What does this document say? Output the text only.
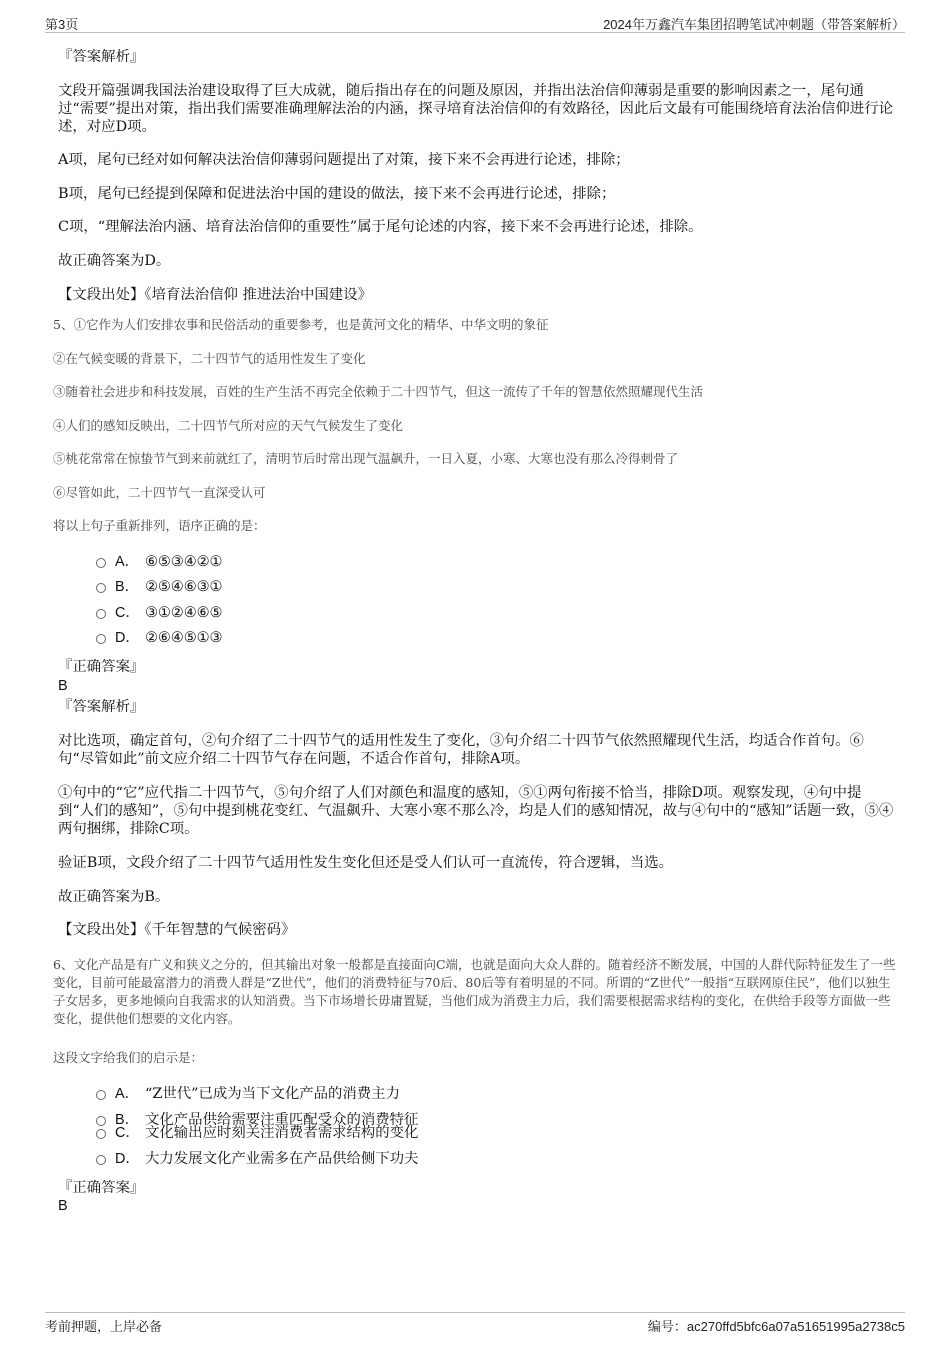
第3页	2024年万鑫汽车集团招聘笔试冲刺题（带答案解析）
『答案解析』
文段开篇强调我国法治建设取得了巨大成就，随后指出存在的问题及原因，并指出法治信仰薄弱是重要的影响因素之一，尾句通过“需要”提出对策，指出我们需要准确理解法治的内涵，探寻培育法治信仰的有效路径，因此后文最有可能围绕培育法治信仰进行论述，对应D项。
A项，尾句已经对如何解决法治信仰薄弱问题提出了对策，接下来不会再进行论述，排除；
B项，尾句已经提到保障和促进法治中国的建设的做法，接下来不会再进行论述，排除；
C项，“理解法治内涵、培育法治信仰的重要性”属于尾句论述的内容，接下来不会再进行论述，排除。
故正确答案为D。
【文段出处】《培育法治信仰 推进法治中国建设》
5、①它作为人们安排农事和民俗活动的重要参考，也是黄河文化的精华、中华文明的象征
②在气候变暖的背景下，二十四节气的适用性发生了变化
③随着社会进步和科技发展，百姓的生产生活不再完全依赖于二十四节气，但这一流传了千年的智慧依然照耀现代生活
④人们的感知反映出，二十四节气所对应的天气气候发生了变化
⑤桃花常常在惊蛰节气到来前就红了，清明节后时常出现气温飙升，一日入夏，小寒、大寒也没有那么冷得刺骨了
⑥尽管如此，二十四节气一直深受认可
将以上句子重新排列，语序正确的是：
A． ⑥⑤③④②①
B． ②⑤④⑥③①
C． ③①②④⑥⑤
D． ②⑥④⑤①③
『正确答案』
B
『答案解析』
对比选项，确定首句，②句介绍了二十四节气的适用性发生了变化，③句介绍二十四节气依然照耀现代生活，均适合作首句。⑥句“尽管如此”前文应介绍二十四节气存在问题，不适合作首句，排除A项。
①句中的“它”应代指二十四节气，⑤句介绍了人们对颜色和温度的感知，⑤①两句衔接不恰当，排除D项。观察发现，④句中提到“人们的感知”，⑤句中提到桃花变红、气温飙升、大寒小寒不那么冷，均是人们的感知情况，故与④句中的“感知”话题一致，⑤④两句捆绑，排除C项。
验证B项，文段介绍了二十四节气适用性发生变化但还是受人们认可一直流传，符合逻辑，当选。
故正确答案为B。
【文段出处】《千年智慧的气候密码》
6、文化产品是有广义和狭义之分的，但其输出对象一般都是直接面向C端，也就是面向大众人群的。随着经济不断发展，中国的人群代际特征发生了一些变化，目前可能最富潜力的消费人群是“Z世代”，他们的消费特征与70后、80后等有着明显的不同。所谓的“Z世代”一般指“互联网原住民”，他们以独生子女居多，更多地倾向自我需求的认知消费。当下市场增长毋庸置疑，当他们成为消费主力后，我们需要根据需求结构的变化，在供给手段等方面做一些变化，提供他们想要的文化内容。
这段文字给我们的启示是：
A． “Z世代”已成为当下文化产品的消费主力
B． 文化产品供给需要注重匹配受众的消费特征
C． 文化输出应时刻关注消费者需求结构的变化
D． 大力发展文化产业需多在产品供给侧下功夫
『正确答案』
B
考前押题，上岸必备	编号：ac270ffd5bfc6a07a51651995a2738c5
